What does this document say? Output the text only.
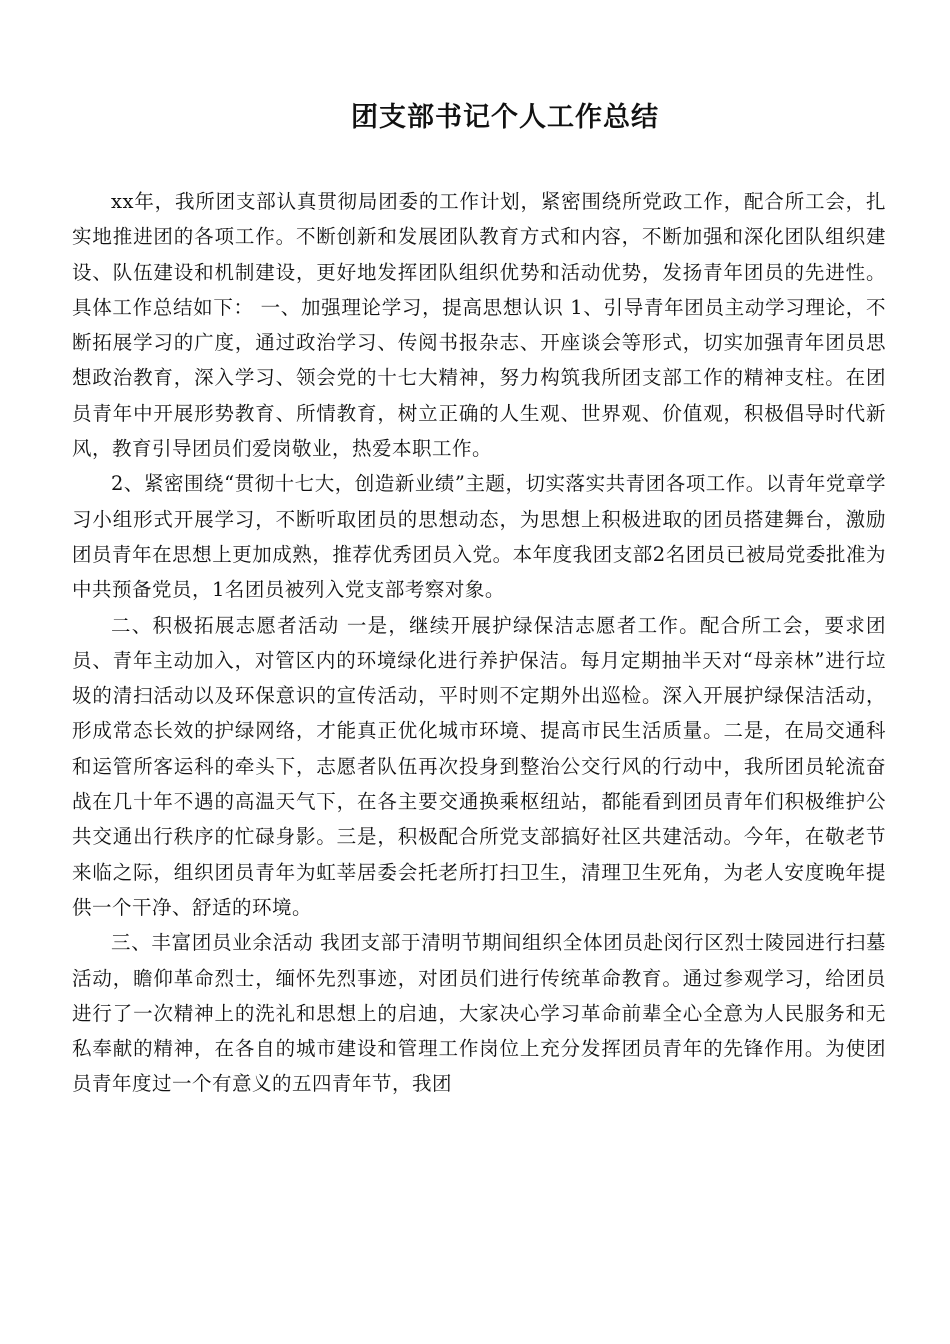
团支部书记个人工作总结

xx年，我所团支部认真贯彻局团委的工作计划，紧密围绕所党政工作，配合所工会，扎实地推进团的各项工作。不断创新和发展团队教育方式和内容，不断加强和深化团队组织建设、队伍建设和机制建设，更好地发挥团队组织优势和活动优势，发扬青年团员的先进性。具体工作总结如下： 一、加强理论学习，提高思想认识 1、引导青年团员主动学习理论，不断拓展学习的广度，通过政治学习、传阅书报杂志、开座谈会等形式，切实加强青年团员思想政治教育，深入学习、领会党的十七大精神，努力构筑我所团支部工作的精神支柱。在团员青年中开展形势教育、所情教育，树立正确的人生观、世界观、价值观，积极倡导时代新风，教育引导团员们爱岗敬业，热爱本职工作。

2、紧密围绕“贯彻十七大，创造新业绩”主题，切实落实共青团各项工作。以青年党章学习小组形式开展学习，不断听取团员的思想动态，为思想上积极进取的团员搭建舞台，激励团员青年在思想上更加成熟，推荐优秀团员入党。本年度我团支部2名团员已被局党委批准为中共预备党员，1名团员被列入党支部考察对象。

二、积极拓展志愿者活动 一是，继续开展护绿保洁志愿者工作。配合所工会，要求团员、青年主动加入，对管区内的环境绿化进行养护保洁。每月定期抽半天对“母亲林”进行垃圾的清扫活动以及环保意识的宣传活动，平时则不定期外出巡检。深入开展护绿保洁活动，形成常态长效的护绿网络，才能真正优化城市环境、提高市民生活质量。二是，在局交通科和运管所客运科的牵头下，志愿者队伍再次投身到整治公交行风的行动中，我所团员轮流奋战在几十年不遇的高温天气下，在各主要交通换乘枢纽站，都能看到团员青年们积极维护公共交通出行秩序的忙碌身影。三是，积极配合所党支部搞好社区共建活动。今年，在敬老节来临之际，组织团员青年为虹莘居委会托老所打扫卫生，清理卫生死角，为老人安度晚年提供一个干净、舒适的环境。

三、丰富团员业余活动 我团支部于清明节期间组织全体团员赴闵行区烈士陵园进行扫墓活动，瞻仰革命烈士，缅怀先烈事迹，对团员们进行传统革命教育。通过参观学习，给团员进行了一次精神上的洗礼和思想上的启迪，大家决心学习革命前辈全心全意为人民服务和无私奉献的精神，在各自的城市建设和管理工作岗位上充分发挥团员青年的先锋作用。为使团员青年度过一个有意义的五四青年节，我团
